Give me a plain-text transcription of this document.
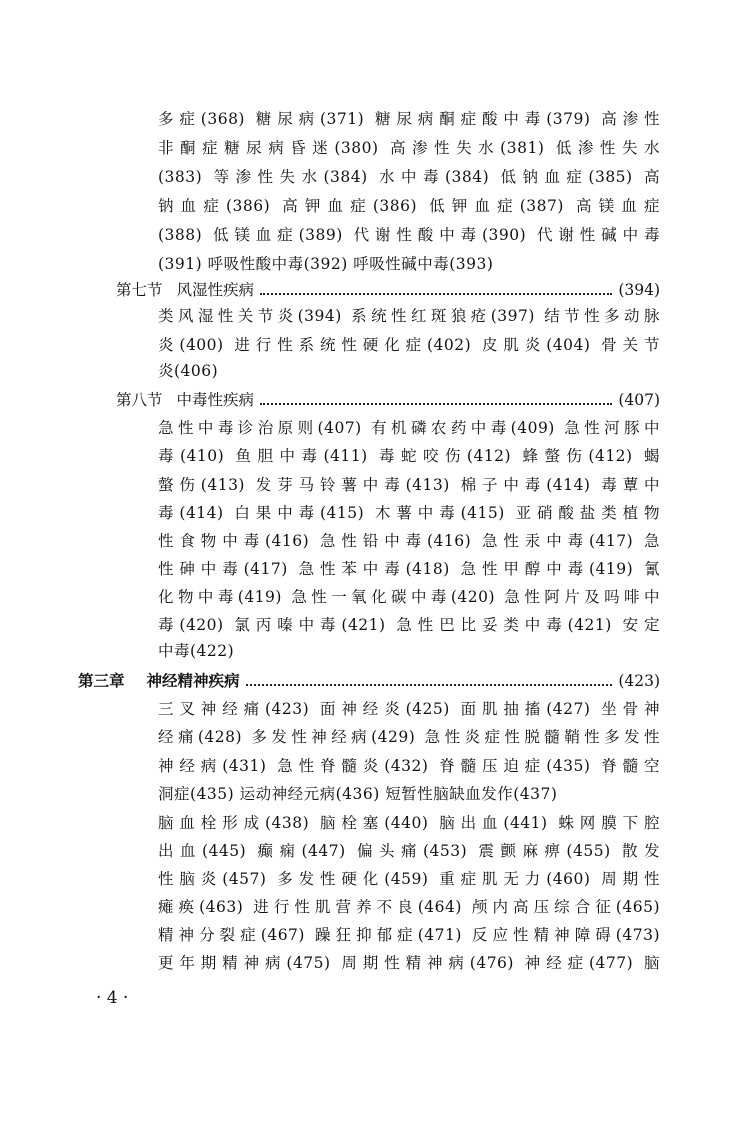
多症(368) 糖尿病(371) 糖尿病酮症酸中毒(379) 高渗性
非酮症糖尿病昏迷(380) 高渗性失水(381) 低渗性失水
(383) 等渗性失水(384) 水中毒(384) 低钠血症(385) 高
钠血症(386) 高钾血症(386) 低钾血症(387) 高镁血症
(388) 低镁血症(389) 代谢性酸中毒(390) 代谢性碱中毒
(391) 呼吸性酸中毒(392) 呼吸性碱中毒(393)
第七节 风湿性疾病	(394)
类风湿性关节炎(394) 系统性红斑狼疮(397) 结节性多动脉
炎(400) 进行性系统性硬化症(402) 皮肌炎(404) 骨关节
炎(406)
第八节 中毒性疾病	(407)
急性中毒诊治原则(407) 有机磷农药中毒(409) 急性河豚中
毒(410) 鱼胆中毒(411) 毒蛇咬伤(412) 蜂螫伤(412) 蝎
螫伤(413) 发芽马铃薯中毒(413) 棉子中毒(414) 毒蕈中
毒(414) 白果中毒(415) 木薯中毒(415) 亚硝酸盐类植物
性食物中毒(416) 急性铅中毒(416) 急性汞中毒(417) 急
性砷中毒(417) 急性苯中毒(418) 急性甲醇中毒(419) 氰
化物中毒(419) 急性一氧化碳中毒(420) 急性阿片及吗啡中
毒(420) 氯丙嗪中毒(421) 急性巴比妥类中毒(421) 安定
中毒(422)
第三章 神经精神疾病	(423)
三叉神经痛(423) 面神经炎(425) 面肌抽搐(427) 坐骨神
经痛(428) 多发性神经病(429) 急性炎症性脱髓鞘性多发性
神经病(431) 急性脊髓炎(432) 脊髓压迫症(435) 脊髓空
洞症(435) 运动神经元病(436) 短暂性脑缺血发作(437)
脑血栓形成(438) 脑栓塞(440) 脑出血(441) 蛛网膜下腔
出血(445) 癫痫(447) 偏头痛(453) 震颤麻痹(455) 散发
性脑炎(457) 多发性硬化(459) 重症肌无力(460) 周期性
瘫痪(463) 进行性肌营养不良(464) 颅内高压综合征(465)
精神分裂症(467) 躁狂抑郁症(471) 反应性精神障碍(473)
更年期精神病(475) 周期性精神病(476) 神经症(477) 脑
· 4 ·
